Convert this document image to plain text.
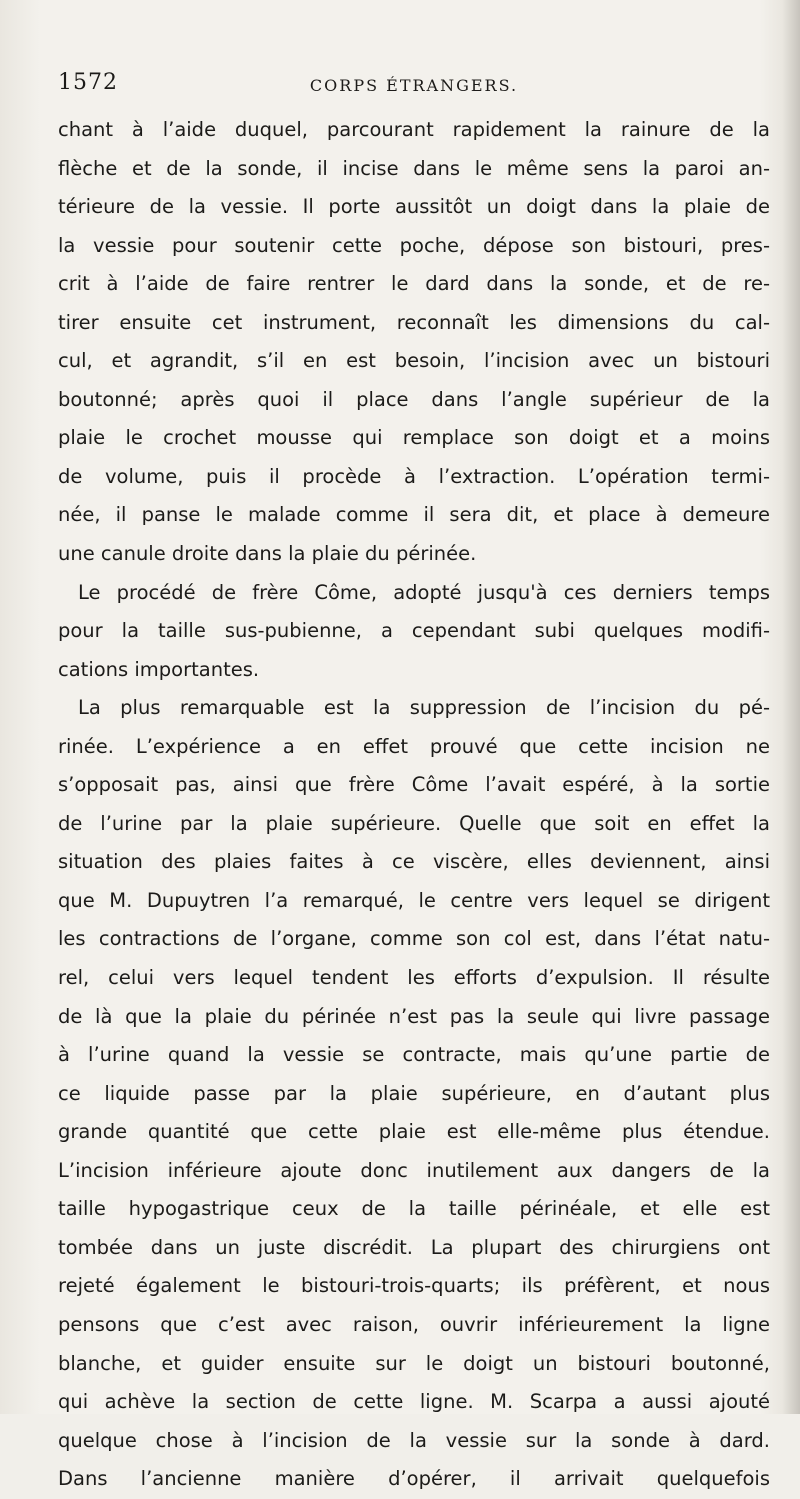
1572	CORPS ÉTRANGERS.
chant à l’aide duquel, parcourant rapidement la rainure de la
flèche et de la sonde, il incise dans le même sens la paroi an-
térieure de la vessie. Il porte aussitôt un doigt dans la plaie de
la vessie pour soutenir cette poche, dépose son bistouri, pres-
crit à l’aide de faire rentrer le dard dans la sonde, et de re-
tirer ensuite cet instrument, reconnaît les dimensions du cal-
cul, et agrandit, s’il en est besoin, l’incision avec un bistouri
boutonné; après quoi il place dans l’angle supérieur de la
plaie le crochet mousse qui remplace son doigt et a moins
de volume, puis il procède à l’extraction. L’opération termi-
née, il panse le malade comme il sera dit, et place à demeure
une canule droite dans la plaie du périnée.
Le procédé de frère Côme, adopté jusqu'à ces derniers temps
pour la taille sus-pubienne, a cependant subi quelques modifi-
cations importantes.
La plus remarquable est la suppression de l’incision du pé-
rinée. L’expérience a en effet prouvé que cette incision ne
s’opposait pas, ainsi que frère Côme l’avait espéré, à la sortie
de l’urine par la plaie supérieure. Quelle que soit en effet la
situation des plaies faites à ce viscère, elles deviennent, ainsi
que M. Dupuytren l’a remarqué, le centre vers lequel se dirigent
les contractions de l’organe, comme son col est, dans l’état natu-
rel, celui vers lequel tendent les efforts d’expulsion. Il résulte
de là que la plaie du périnée n’est pas la seule qui livre passage
à l’urine quand la vessie se contracte, mais qu’une partie de
ce liquide passe par la plaie supérieure, en d’autant plus
grande quantité que cette plaie est elle-même plus étendue.
L’incision inférieure ajoute donc inutilement aux dangers de la
taille hypogastrique ceux de la taille périnéale, et elle est
tombée dans un juste discrédit. La plupart des chirurgiens ont
rejeté également le bistouri-trois-quarts; ils préfèrent, et nous
pensons que c’est avec raison, ouvrir inférieurement la ligne
blanche, et guider ensuite sur le doigt un bistouri boutonné,
qui achève la section de cette ligne. M. Scarpa a aussi ajouté
quelque chose à l’incision de la vessie sur la sonde à dard.
Dans l’ancienne manière d’opérer, il arrivait quelquefois
